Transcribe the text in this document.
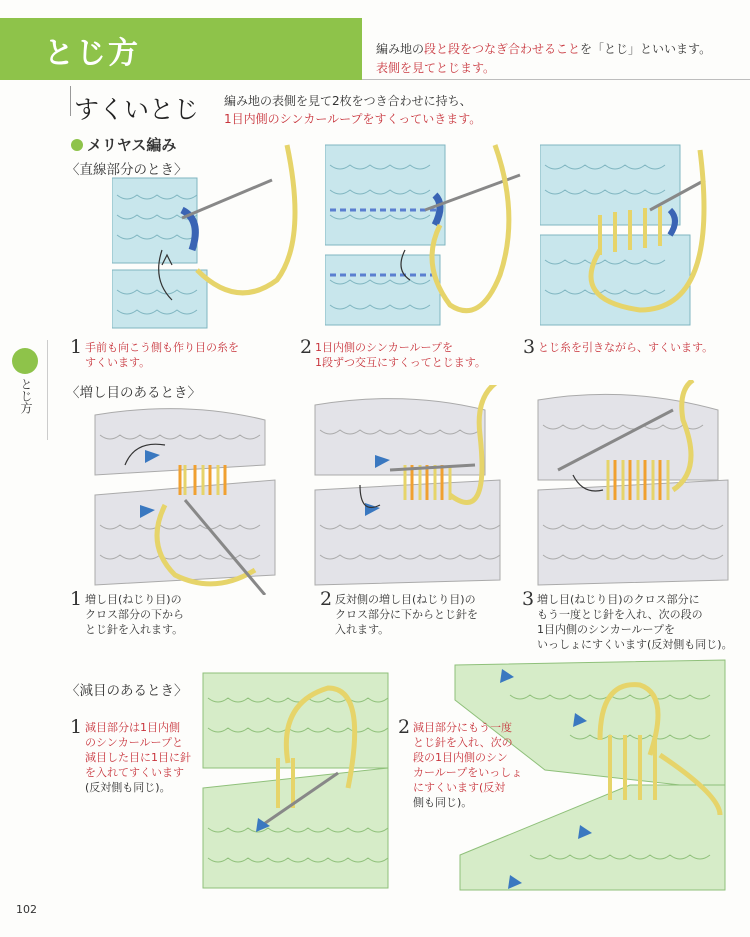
とじ方	編み地の段と段をつなぎ合わせることを「とじ」といいます。
表側を見てとじます。
すくいとじ 編み地の表側を見て2枚をつき合わせに持ち、
1目内側のシンカーループをすくっていきます。
メリヤス編み
とじ方
〈直線部分のとき〉
〈増し目のあるとき〉
〈減目のあるとき〉
1 手前も向こう側も作り目の糸を
すくいます。
2 1目内側のシンカーループを
1段ずつ交互にすくってとじます。
3 とじ糸を引きながら、すくいます。
1 増し目(ねじり目)の
クロス部分の下から
とじ針を入れます。
2 反対側の増し目(ねじり目)の
クロス部分に下からとじ針を
入れます。
3 増し目(ねじり目)のクロス部分に
もう一度とじ針を入れ、次の段の
1目内側のシンカーループを
いっしょにすくいます(反対側も同じ)。
1 減目部分は1目内側
のシンカーループと
減目した目に1目に針
を入れてすくいます
(反対側も同じ)。
2 減目部分にもう一度
とじ針を入れ、次の
段の1目内側のシン
カーループをいっしょ
にすくいます(反対
側も同じ)。
102
